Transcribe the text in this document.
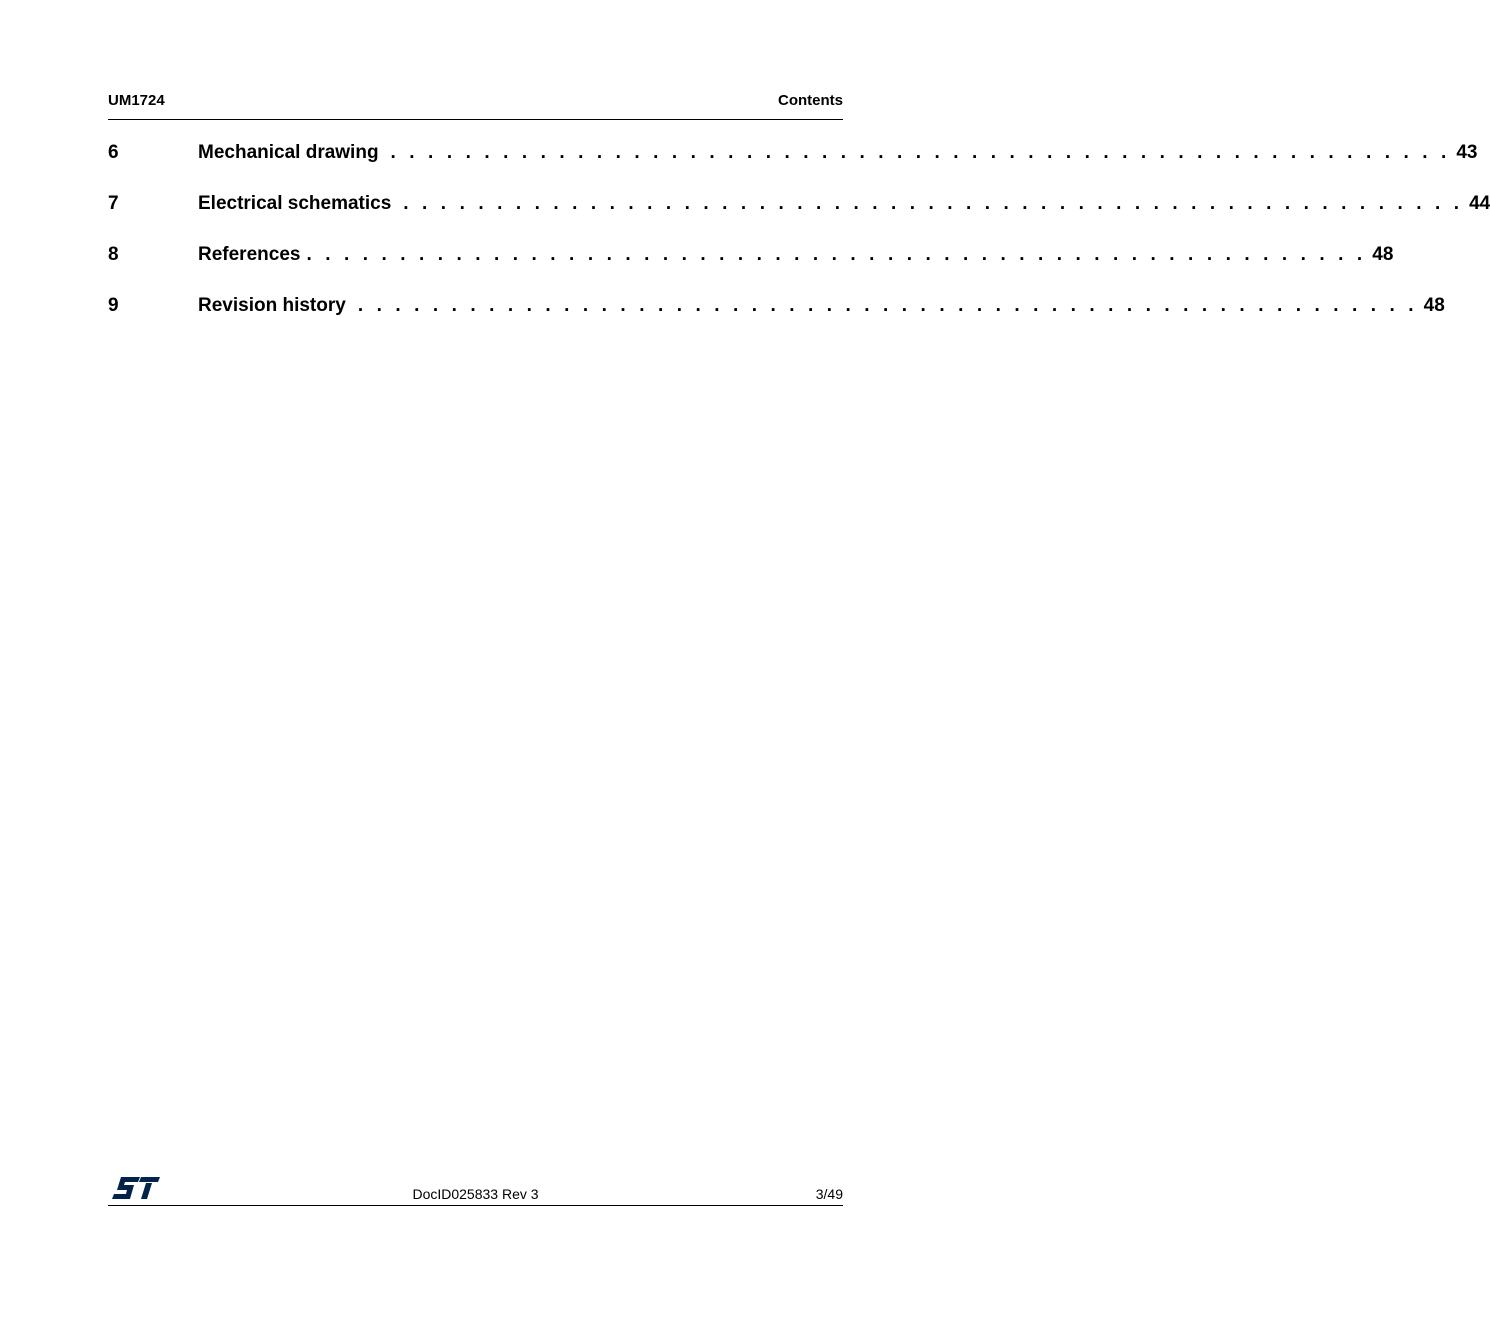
UM1724	Contents
6	Mechanical drawing . . . . . . . . . . . . . . . . . . . . . . . . . . . . . . . . . . . . . . . . . . . . . . . . . . . . . . . . . 43
7	Electrical schematics . . . . . . . . . . . . . . . . . . . . . . . . . . . . . . . . . . . . . . . . . . . . . . . . . . . . . . . . . 44
8	References . . . . . . . . . . . . . . . . . . . . . . . . . . . . . . . . . . . . . . . . . . . . . . . . . . . . . . . . . 48
9	Revision history . . . . . . . . . . . . . . . . . . . . . . . . . . . . . . . . . . . . . . . . . . . . . . . . . . . . . . . . . 48
DocID025833 Rev 3	3/49
